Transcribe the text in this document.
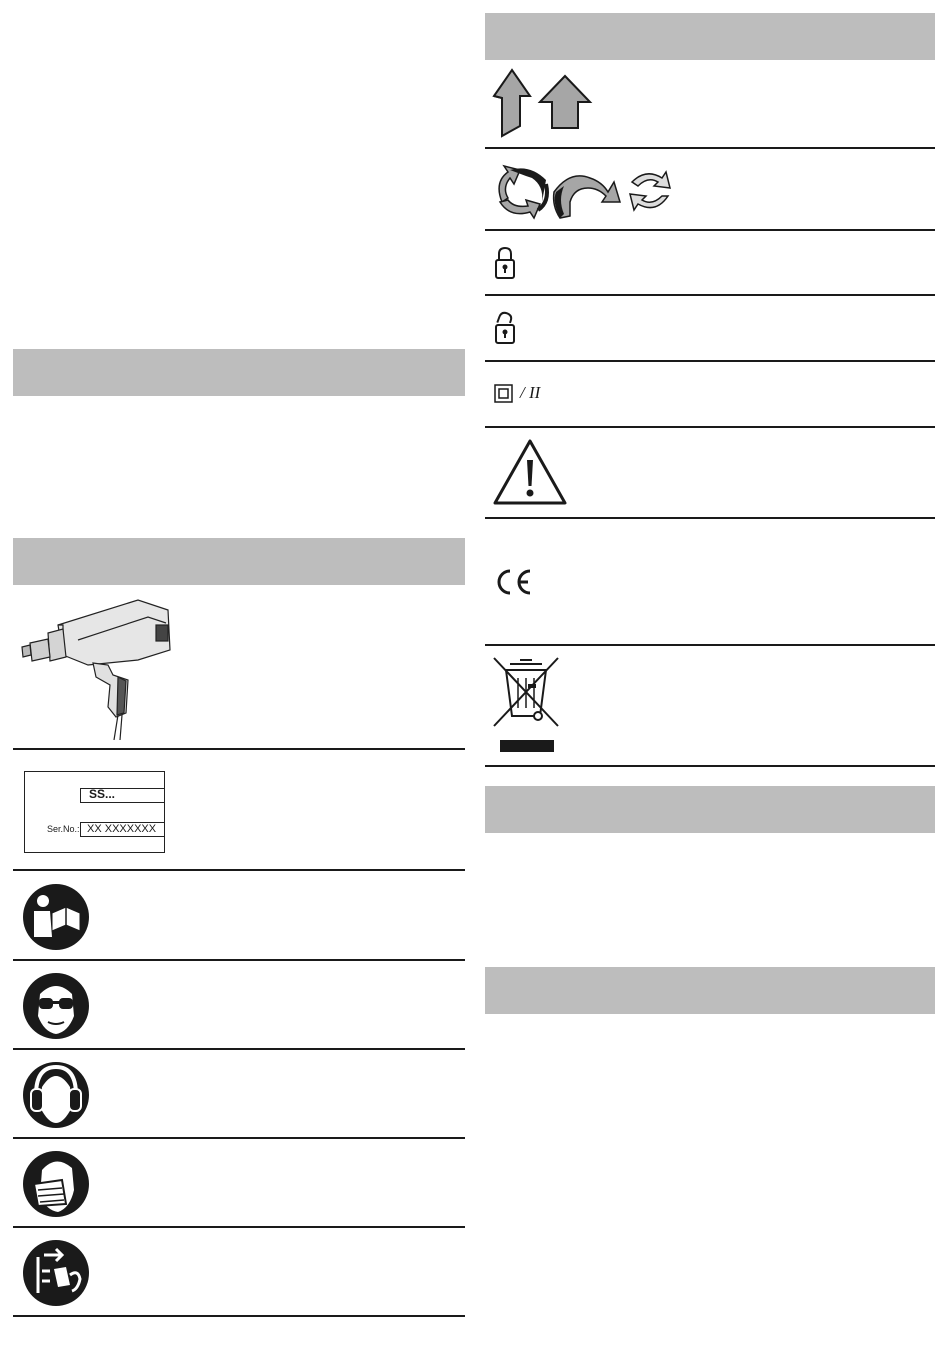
SS...
Ser.No.: XX XXXXXXX
/ II
